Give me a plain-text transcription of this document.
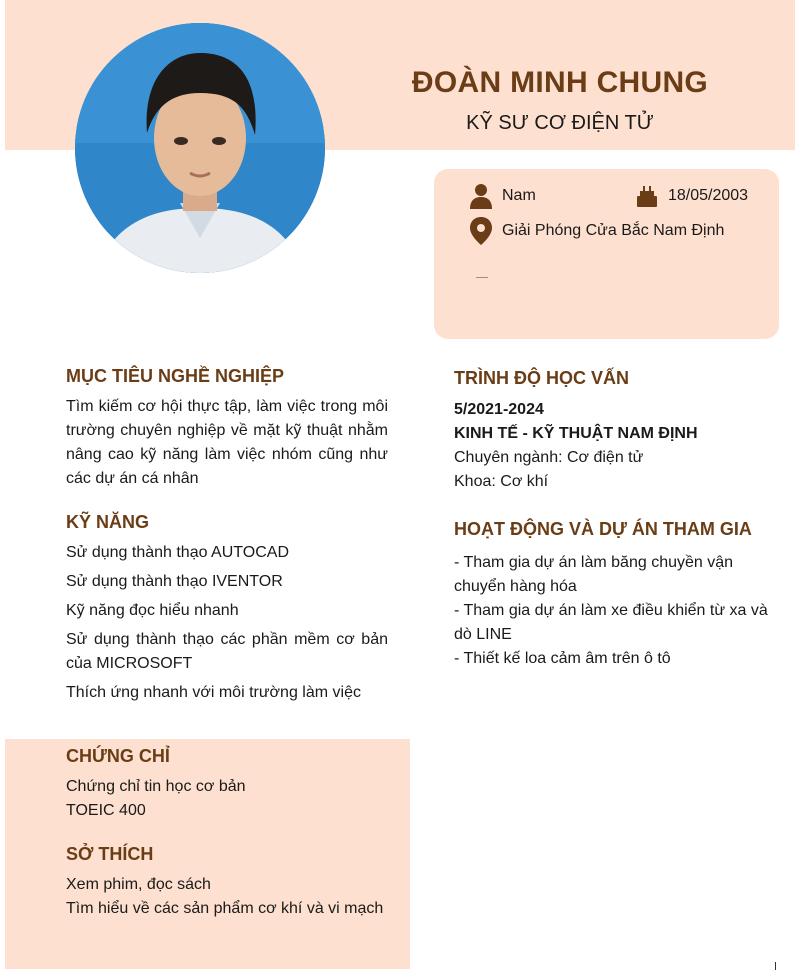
ĐOÀN MINH CHUNG

KỸ SƯ CƠ ĐIỆN TỬ

Nam	18/05/2003
Giải Phóng Cửa Bắc Nam Định
MỤC TIÊU NGHỀ NGHIỆP

Tìm kiếm cơ hội thực tập, làm việc trong môi trường chuyên nghiệp về mặt kỹ thuật nhằm nâng cao kỹ năng làm việc nhóm cũng như các dự án cá nhân

KỸ NĂNG

Sử dụng thành thạo AUTOCAD

Sử dụng thành thạo IVENTOR

Kỹ năng đọc hiểu nhanh

Sử dụng thành thạo các phần mềm cơ bản của MICROSOFT

Thích ứng nhanh với môi trường làm việc

CHỨNG CHỈ

Chứng chỉ tin học cơ bản

TOEIC 400

SỞ THÍCH

Xem phim, đọc sách

Tìm hiểu về các sản phẩm cơ khí và vi mạch

TRÌNH ĐỘ HỌC VẤN

5/2021-2024

KINH TẾ - KỸ THUẬT NAM ĐỊNH

Chuyên ngành: Cơ điện tử

Khoa: Cơ khí

HOẠT ĐỘNG VÀ DỰ ÁN THAM GIA

- Tham gia dự án làm băng chuyền vận chuyển hàng hóa

- Tham gia dự án làm xe điều khiển từ xa và dò LINE

- Thiết kế loa cảm âm trên ô tô
